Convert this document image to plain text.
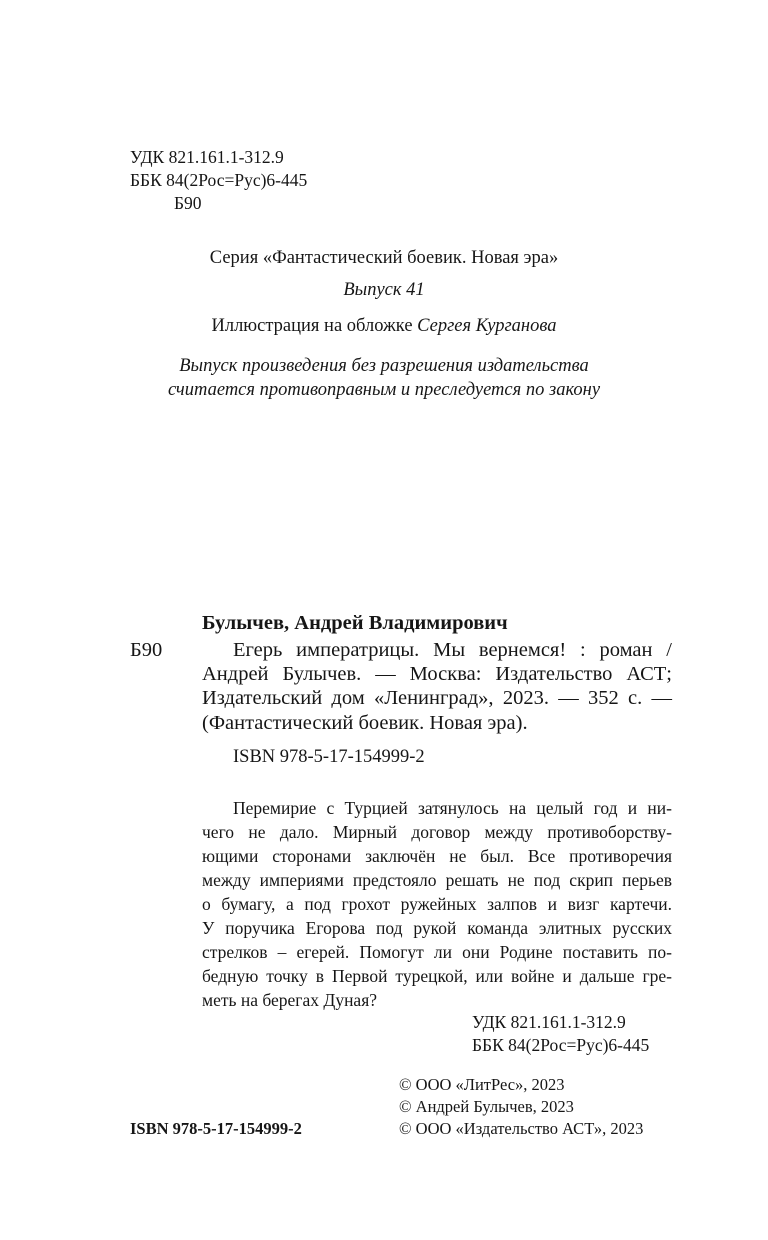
УДК 821.161.1-312.9
ББК 84(2Рос=Рус)6-445
Б90
Серия «Фантастический боевик. Новая эра»
Выпуск 41
Иллюстрация на обложке Сергея Курганова
Выпуск произведения без разрешения издательства
считается противоправным и преследуется по закону
Булычев, Андрей Владимирович
Б90	Егерь императрицы. Мы вернемся! : роман /
Андрей Булычев. — Москва: Издательство АСТ;
Издательский дом «Ленинград», 2023. — 352 с. —
(Фантастический боевик. Новая эра).
ISBN 978-5-17-154999-2
Перемирие с Турцией затянулось на целый год и ни-
чего не дало. Мирный договор между противоборству-
ющими сторонами заключён не был. Все противоречия
между империями предстояло решать не под скрип перьев
о бумагу, а под грохот ружейных залпов и визг картечи.
У поручика Егорова под рукой команда элитных русских
стрелков – егерей. Помогут ли они Родине поставить по-
бедную точку в Первой турецкой, или войне и дальше гре-
меть на берегах Дуная?
УДК 821.161.1-312.9
ББК 84(2Рос=Рус)6-445
© ООО «ЛитРес», 2023
© Андрей Булычев, 2023
© ООО «Издательство АСТ», 2023
ISBN 978-5-17-154999-2
